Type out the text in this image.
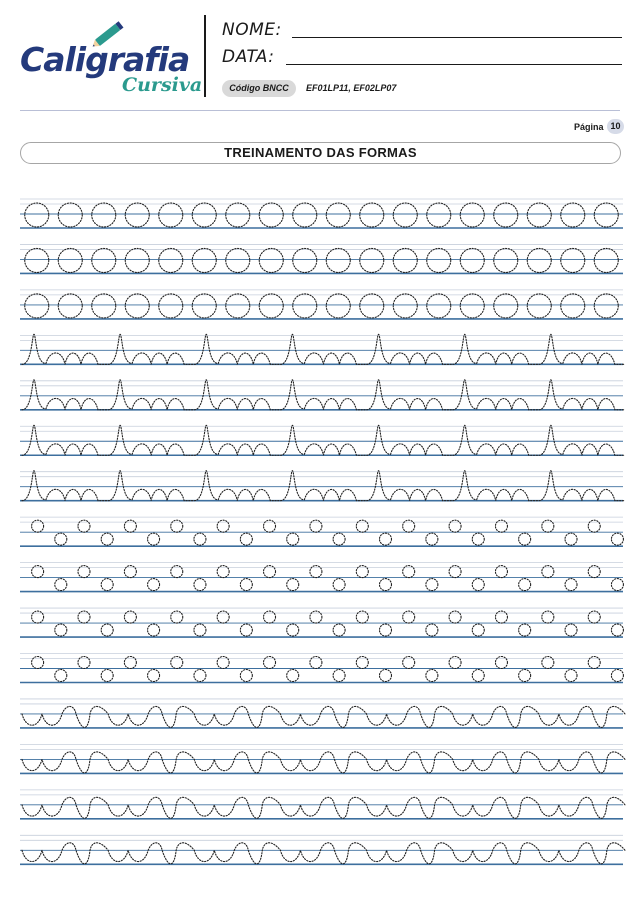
Caligrafia
Cursiva
NOME:
DATA:
Código BNCC	EF01LP11, EF02LP07
Página 10
TREINAMENTO DAS FORMAS
